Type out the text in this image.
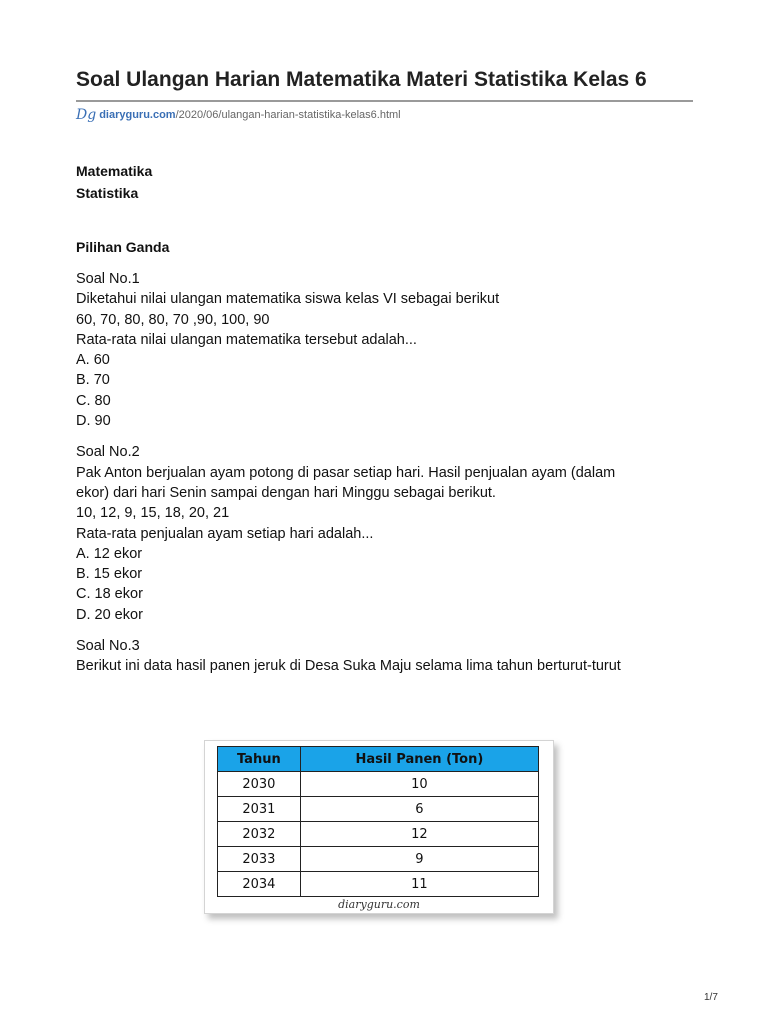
Soal Ulangan Harian Matematika Materi Statistika Kelas 6
Dg diaryguru.com/2020/06/ulangan-harian-statistika-kelas6.html
Matematika
Statistika
Pilihan Ganda
Soal No.1
Diketahui nilai ulangan matematika siswa kelas VI sebagai berikut
60, 70, 80, 80, 70 ,90, 100, 90
Rata-rata nilai ulangan matematika tersebut adalah...
A. 60
B. 70
C. 80
D. 90
Soal No.2
Pak Anton berjualan ayam potong di pasar setiap hari. Hasil penjualan ayam (dalam
ekor) dari hari Senin sampai dengan hari Minggu sebagai berikut.
10, 12, 9, 15, 18, 20, 21
Rata-rata penjualan ayam setiap hari adalah...
A. 12 ekor
B. 15 ekor
C. 18 ekor
D. 20 ekor
Soal No.3
Berikut ini data hasil panen jeruk di Desa Suka Maju selama lima tahun berturut-turut
Tahun	Hasil Panen (Ton)
2030	10
2031	6
2032	12
2033	9
2034	11
diaryguru.com
1/7
